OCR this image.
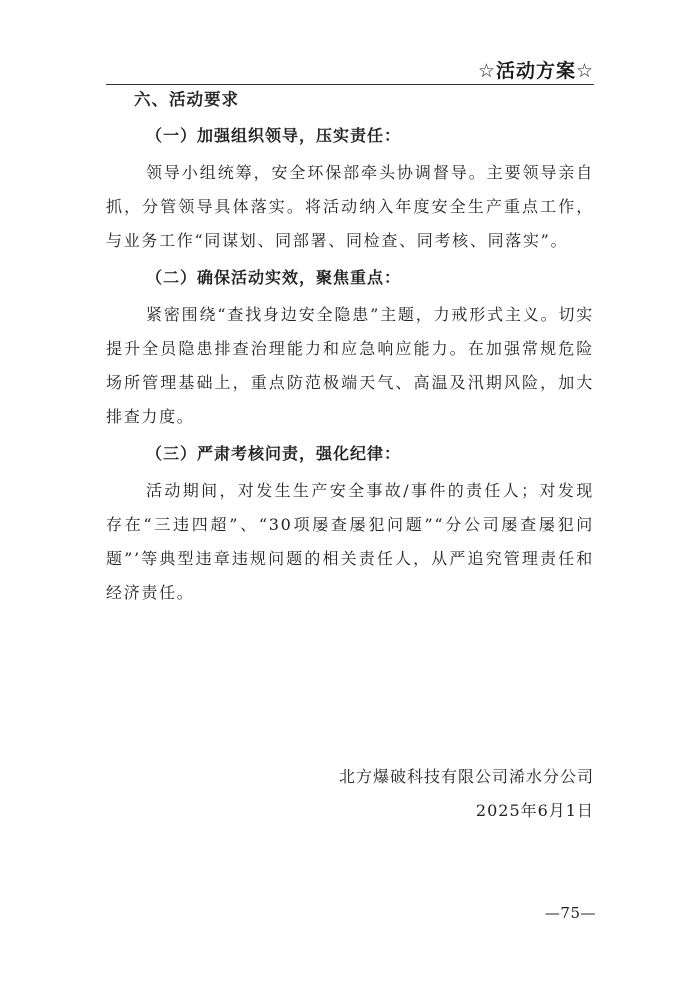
☆活动方案☆
六、活动要求
（一）加强组织领导，压实责任：

领导小组统筹，安全环保部牵头协调督导。主要领导亲自抓，分管领导具体落实。将活动纳入年度安全生产重点工作，与业务工作“同谋划、同部署、同检查、同考核、同落实”。

（二）确保活动实效，聚焦重点：

紧密围绕“查找身边安全隐患”主题，力戒形式主义。切实提升全员隐患排查治理能力和应急响应能力。在加强常规危险场所管理基础上，重点防范极端天气、高温及汛期风险，加大排查力度。

（三）严肃考核问责，强化纪律：

活动期间，对发生生产安全事故/事件的责任人；对发现存在“三违四超”、“30项屡查屡犯问题”“分公司屡查屡犯问题”’等典型违章违规问题的相关责任人，从严追究管理责任和经济责任。

北方爆破科技有限公司浠水分公司
2025年6月1日
—75—
